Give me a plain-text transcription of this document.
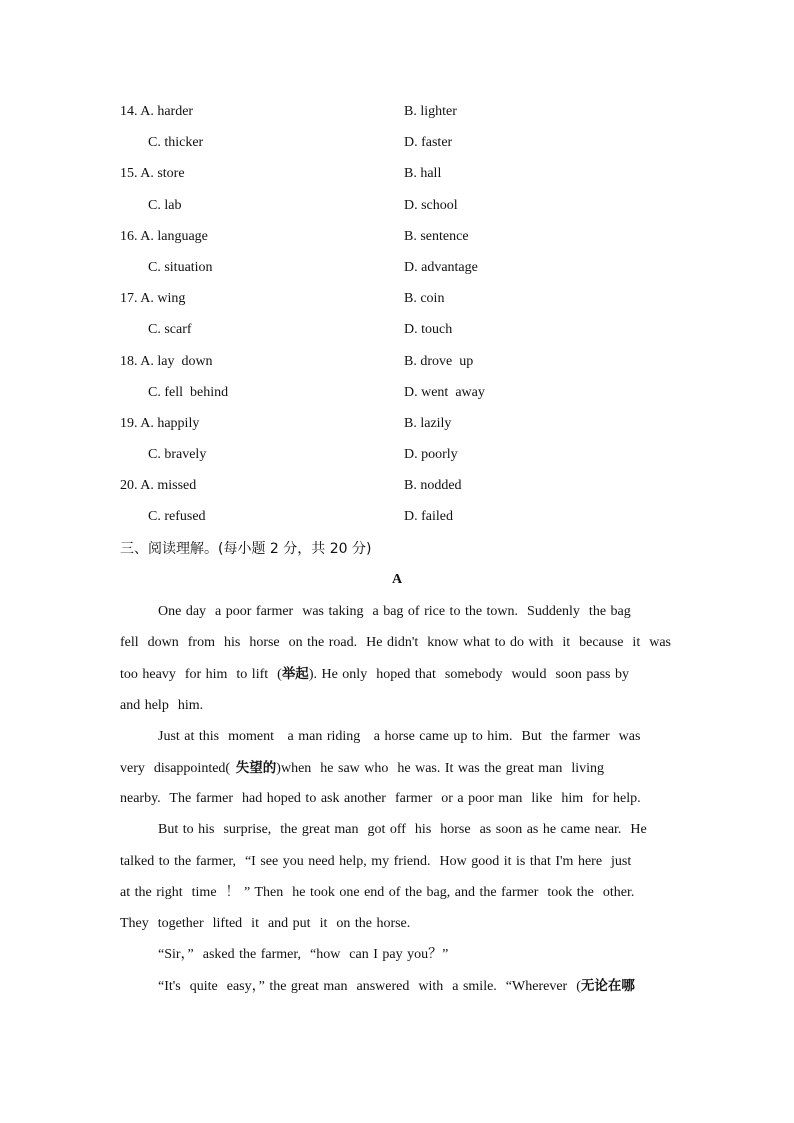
14. A. harder	B. lighter
C. thicker	D. faster
15. A. store	B. hall
C. lab	D. school
16. A. language	B. sentence
C. situation	D. advantage
17. A. wing	B. coin
C. scarf	D. touch
18. A. lay  down	B. drove  up
C. fell  behind	D. went  away
19. A. happily	B. lazily
C. bravely	D. poorly
20. A. missed	B. nodded
C. refused	D. failed
三、阅读理解。(每小题 2 分，共 20 分)
A
One day  a poor farmer  was taking  a bag of rice to the town.  Suddenly  the bag
fell  down  from  his  horse  on the road.  He didn't  know what to do with  it  because  it  was
too heavy  for him  to lift  (举起). He only  hoped that  somebody  would  soon pass by
and help  him.
Just at this  moment   a man riding   a horse came up to him.  But  the farmer  was
very  disappointed( 失望的)when  he saw who  he was. It was the great man  living
nearby.  The farmer  had hoped to ask another  farmer  or a poor man  like  him  for help.
But to his  surprise,  the great man  got off  his  horse  as soon as he came near.  He
talked to the farmer,  “I see you need help, my friend.  How good it is that I'm here  just
at the right  time  ！ ” Then  he took one end of the bag, and the farmer  took the  other.
They  together  lifted  it  and put  it  on the horse.
“Sir，”  asked the farmer,  “how  can I pay you？”
“It's  quite  easy，” the great man  answered  with  a smile.  “Wherever  (无论在哪
